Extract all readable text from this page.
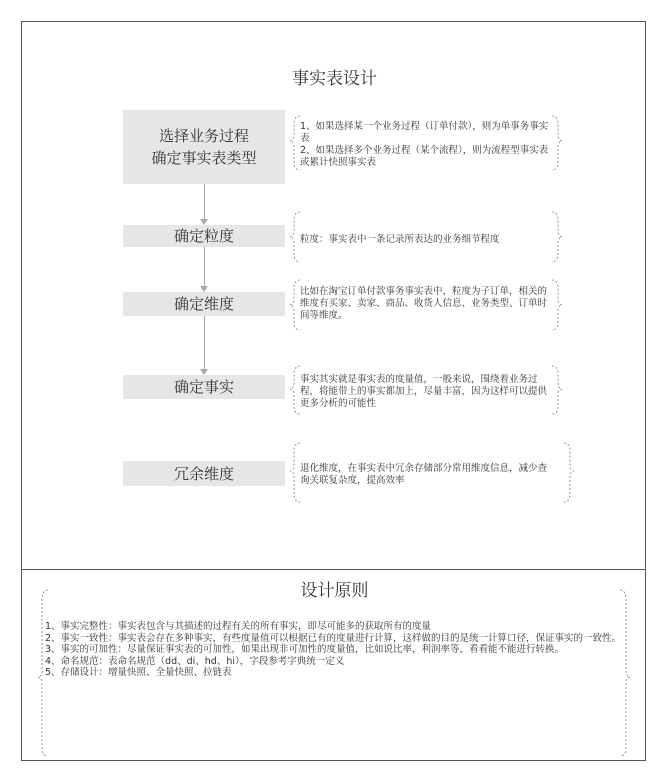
事实表设计
选择业务过程
确定事实表类型
确定粒度
确定维度
确定事实
冗余维度
1、如果选择某一个业务过程（订单付款），则为单事务事实表
2、如果选择多个业务过程（某个流程），则为流程型事实表或累计快照事实表
粒度：事实表中一条记录所表达的业务细节程度
比如在淘宝订单付款事务事实表中，粒度为子订单，相关的维度有买家、卖家、商品、收货人信息、业务类型、订单时间等维度。
事实其实就是事实表的度量值，一般来说，围绕着业务过程，将能带上的事实都加上，尽量丰富，因为这样可以提供更多分析的可能性
退化维度，在事实表中冗余存储部分常用维度信息，减少查询关联复杂度，提高效率
设计原则
1、事实完整性：事实表包含与其描述的过程有关的所有事实，即尽可能多的获取所有的度量
2、事实一致性：事实表会存在多种事实，有些度量值可以根据已有的度量进行计算，这样做的目的是统一计算口径，保证事实的一致性。
3、事实的可加性：尽量保证事实表的可加性，如果出现非可加性的度量值，比如说比率，利润率等，看看能不能进行转换。
4、命名规范：表命名规范（dd、di、hd、hi），字段参考字典统一定义
5、存储设计：增量快照、全量快照、拉链表
